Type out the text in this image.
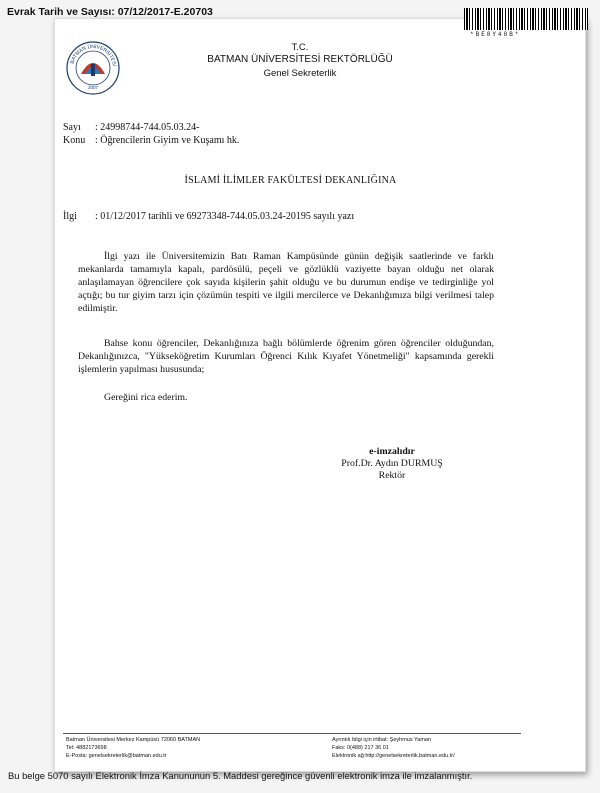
Evrak Tarih ve Sayısı: 07/12/2017-E.20703
*BE8Y48B*
BATMAN ÜNİVERSİTESİ
2007
T.C.
BATMAN ÜNİVERSİTESİ REKTÖRLÜĞÜ
Genel Sekreterlik
Sayı : 24998744-744.05.03.24-
Konu : Öğrencilerin Giyim ve Kuşamı hk.
İSLAMİ İLİMLER FAKÜLTESİ DEKANLIĞINA
İlgi : 01/12/2017 tarihli ve 69273348-744.05.03.24-20195 sayılı yazı
İlgi yazı ile Üniversitemizin Batı Raman Kampüsünde günün değişik saatlerinde ve farklı mekanlarda tamamıyla kapalı, pardösülü, peçeli ve gözlüklü vaziyette bayan olduğu net olarak anlaşılamayan öğrencilere çok sayıda kişilerin şahit olduğu ve bu durumun endişe ve tedirginliğe yol açtığı; bu tur giyim tarzı için çözümün tespiti ve ilgili mercilerce ve Dekanlığımıza bilgi verilmesi talep edilmiştir.
Bahse konu öğrenciler, Dekanlığınıza bağlı bölümlerde öğrenim gören öğrenciler olduğundan, Dekanlığınızca, "Yükseköğretim Kurumları Öğrenci Kılık Kıyafet Yönetmeliği" kapsamında gerekli işlemlerin yapılması hususunda;
Gereğini rica ederim.
e-imzalıdır
Prof.Dr. Aydın DURMUŞ
Rektör
Batman Üniversitesi Merkez Kampüsü 72060 BATMAN
Tel: 4882173698
E-Posta: genelsekreterlik@batman.edu.tr
Ayrıntılı bilgi için irtibat: Şeyhmus Yaman
Faks: 0(488) 217 36 01
Elektronik ağ:http://genelsekreterlik.batman.edu.tr/
Bu belge 5070 sayılı Elektronik İmza Kanununun 5. Maddesi gereğince güvenli elektronik imza ile imzalanmıştır.
